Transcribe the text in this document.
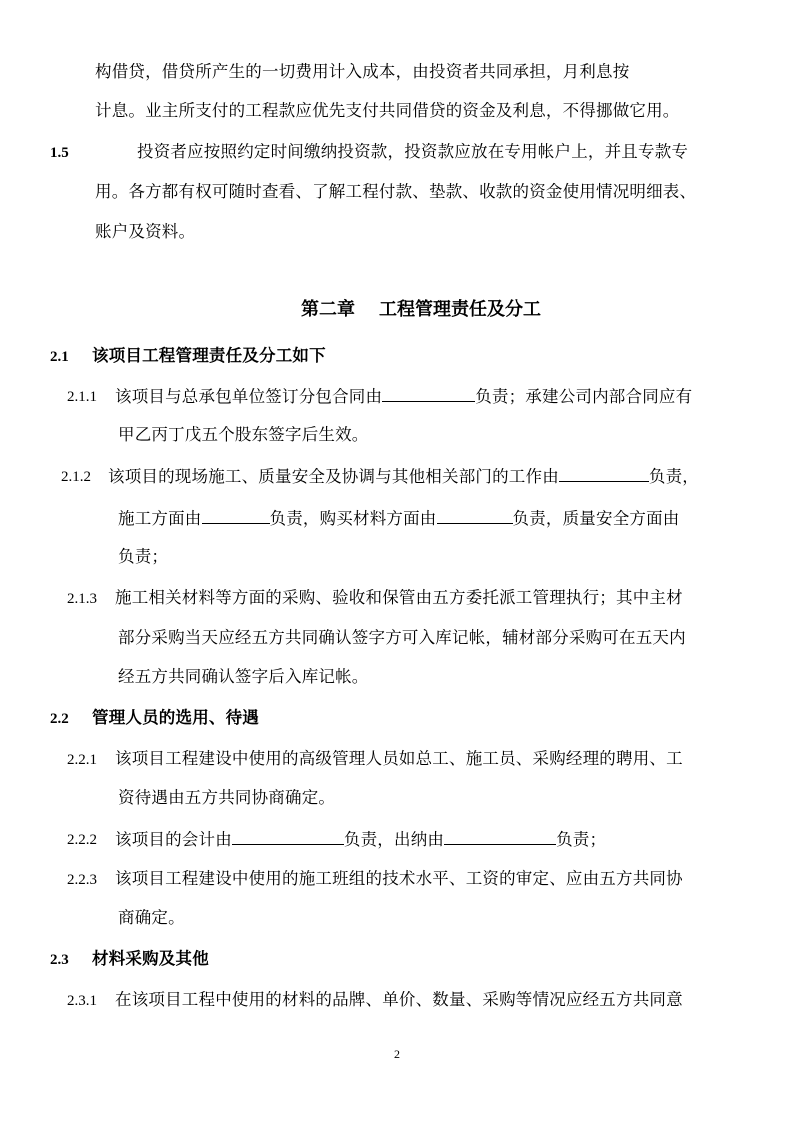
构借贷，借贷所产生的一切费用计入成本，由投资者共同承担，月利息按
计息。业主所支付的工程款应优先支付共同借贷的资金及利息，不得挪做它用。
1.5	投资者应按照约定时间缴纳投资款，投资款应放在专用帐户上，并且专款专
用。各方都有权可随时查看、了解工程付款、垫款、收款的资金使用情况明细表、
账户及资料。
第二章 工程管理责任及分工
2.1 该项目工程管理责任及分工如下
2.1.1 该项目与总承包单位签订分包合同由	负责；承建公司内部合同应有
甲乙丙丁戊五个股东签字后生效。
2.1.2 该项目的现场施工、质量安全及协调与其他相关部门的工作由	负责，
施工方面由	负责，购买材料方面由	负责，质量安全方面由
负责；
2.1.3 施工相关材料等方面的采购、验收和保管由五方委托派工管理执行；其中主材
部分采购当天应经五方共同确认签字方可入库记帐，辅材部分采购可在五天内
经五方共同确认签字后入库记帐。
2.2 管理人员的选用、待遇
2.2.1 该项目工程建设中使用的高级管理人员如总工、施工员、采购经理的聘用、工
资待遇由五方共同协商确定。
2.2.2 该项目的会计由	负责，出纳由	负责；
2.2.3 该项目工程建设中使用的施工班组的技术水平、工资的审定、应由五方共同协
商确定。
2.3 材料采购及其他
2.3.1 在该项目工程中使用的材料的品牌、单价、数量、采购等情况应经五方共同意
2
